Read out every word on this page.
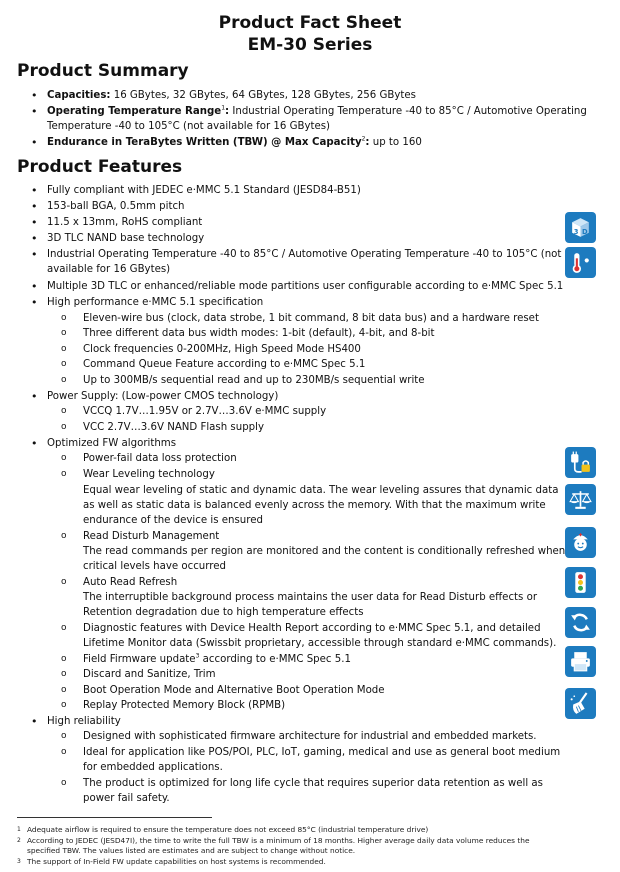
Product Fact Sheet
EM-30 Series
Product Summary
• Capacities: 16 GBytes, 32 GBytes, 64 GBytes, 128 GBytes, 256 GBytes
• Operating Temperature Range$^1$: Industrial Operating Temperature -40 to 85°C / Automotive Operating
Temperature -40 to 105°C (not available for 16 GBytes)
• Endurance in TeraBytes Written (TBW) @ Max Capacity$^2$: up to 160
• Fully compliant with JEDEC e·MMC 5.1 Standard (JESD84-B51)
• 153-ball BGA, 0.5mm pitch
• 11.5 x 13mm, RoHS compliant
• 3D TLC NAND base technology
• Industrial Operating Temperature -40 to 85°C / Automotive Operating Temperature -40 to 105°C (not
available for 16 GBytes)
• Multiple 3D TLC or enhanced/reliable mode partitions user configurable according to e·MMC Spec 5.1
• High performance e·MMC 5.1 specification
o Eleven-wire bus (clock, data strobe, 1 bit command, 8 bit data bus) and a hardware reset
o Three different data bus width modes: 1-bit (default), 4-bit, and 8-bit
o Clock frequencies 0-200MHz, High Speed Mode HS400
o Command Queue Feature according to e·MMC Spec 5.1
o Up to 300MB/s sequential read and up to 230MB/s sequential write
• Power Supply: (Low-power CMOS technology)
o VCCQ 1.7V…1.95V or 2.7V…3.6V e·MMC supply
o VCC 2.7V…3.6V NAND Flash supply
• Optimized FW algorithms
o Power-fail data loss protection
o Wear Leveling technology
Equal wear leveling of static and dynamic data. The wear leveling assures that dynamic data
as well as static data is balanced evenly across the memory. With that the maximum write
endurance of the device is ensured
o Read Disturb Management
The read commands per region are monitored and the content is conditionally refreshed when
critical levels have occurred
o Auto Read Refresh
The interruptible background process maintains the user data for Read Disturb effects or
Retention degradation due to high temperature effects
o Diagnostic features with Device Health Report according to e·MMC Spec 5.1, and detailed
Lifetime Monitor data (Swissbit proprietary, accessible through standard e·MMC commands).
o Field Firmware update$^3$ according to e·MMC Spec 5.1
o Discard and Sanitize, Trim
o Boot Operation Mode and Alternative Boot Operation Mode
o Replay Protected Memory Block (RPMB)
• High reliability
o Designed with sophisticated firmware architecture for industrial and embedded markets.
o Ideal for application like POS/POI, PLC, IoT, gaming, medical and use as general boot medium
for embedded applications.
o The product is optimized for long life cycle that requires superior data retention as well as
power fail safety.
Product Features
3 D
1 Adequate airflow is required to ensure the temperature does not exceed 85°C (industrial temperature drive)
2 According to JEDEC (JESD47I), the time to write the full TBW is a minimum of 18 months. Higher average daily data volume reduces the
specified TBW. The values listed are estimates and are subject to change without notice.
3 The support of In-Field FW update capabilities on host systems is recommended.
